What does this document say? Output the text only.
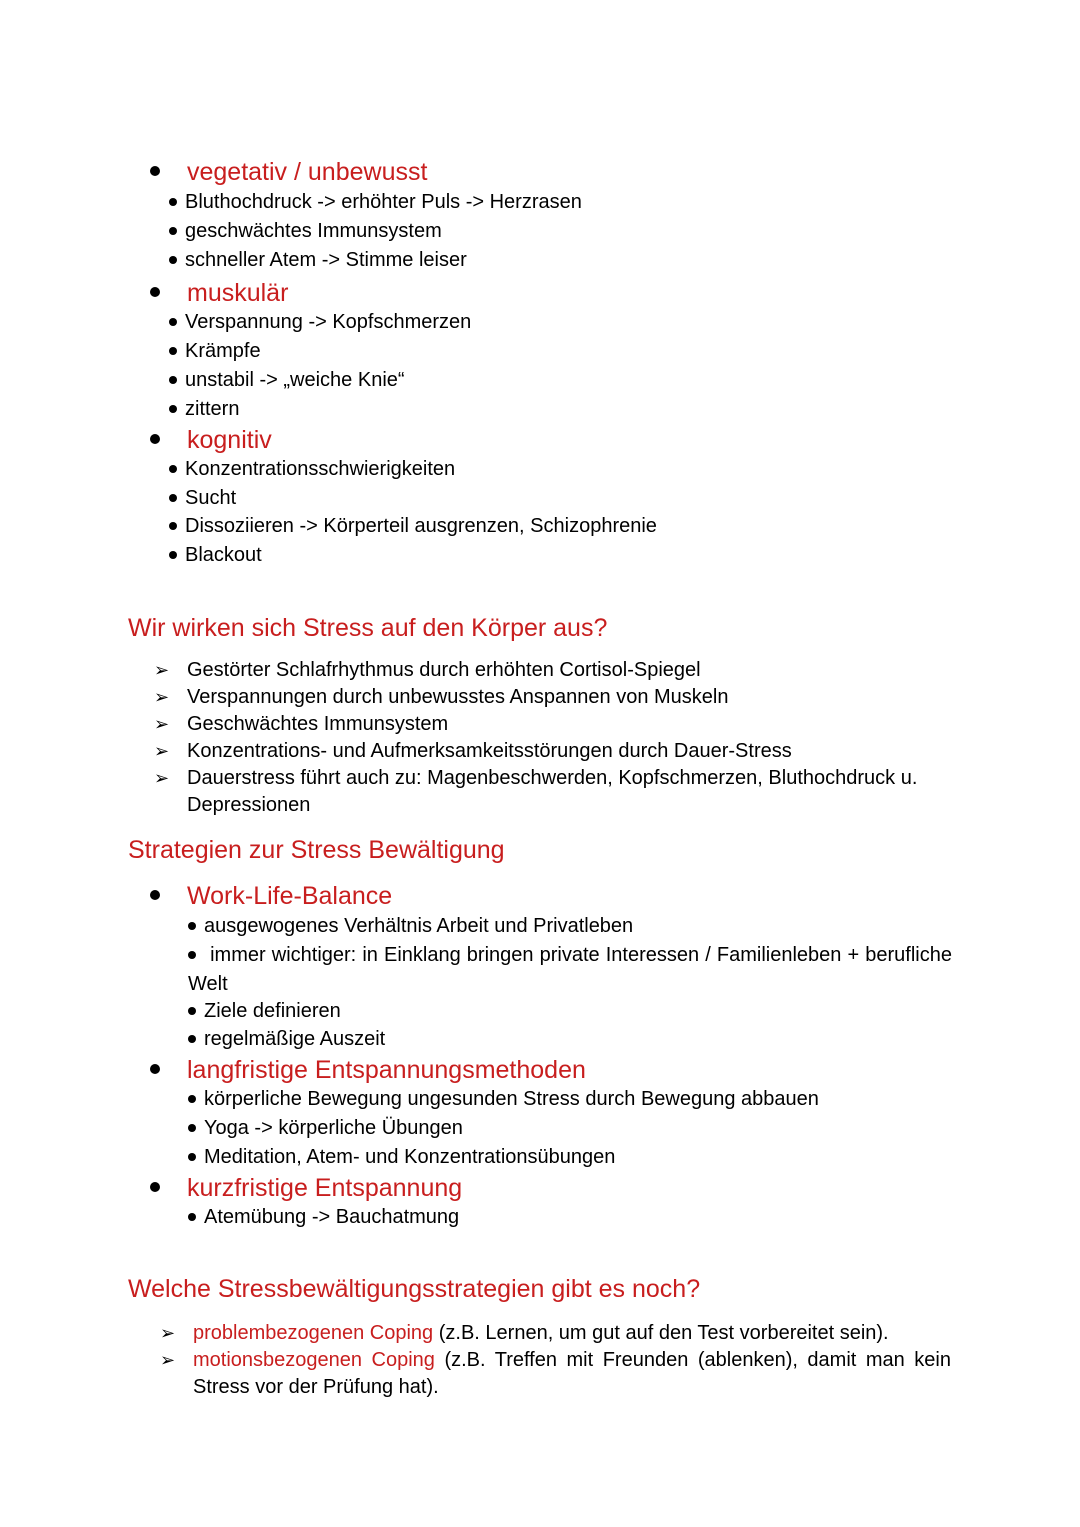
vegetativ / unbewusst
Bluthochdruck -> erhöhter Puls -> Herzrasen
geschwächtes Immunsystem
schneller Atem -> Stimme leiser
muskulär
Verspannung -> Kopfschmerzen
Krämpfe
unstabil -> „weiche Knie“
zittern
kognitiv
Konzentrationsschwierigkeiten
Sucht
Dissoziieren -> Körperteil ausgrenzen, Schizophrenie
Blackout
Wir wirken sich Stress auf den Körper aus?
➢ Gestörter Schlafrhythmus durch erhöhten Cortisol-Spiegel
➢ Verspannungen durch unbewusstes Anspannen von Muskeln
➢ Geschwächtes Immunsystem
➢ Konzentrations- und Aufmerksamkeitsstörungen durch Dauer-Stress
➢ Dauerstress führt auch zu: Magenbeschwerden, Kopfschmerzen, Bluthochdruck u. Depressionen
Strategien zur Stress Bewältigung
Work-Life-Balance
ausgewogenes Verhältnis Arbeit und Privatleben
immer wichtiger: in Einklang bringen private Interessen / Familienleben + berufliche Welt
Ziele definieren
regelmäßige Auszeit
langfristige Entspannungsmethoden
körperliche Bewegung ungesunden Stress durch Bewegung abbauen
Yoga -> körperliche Übungen
Meditation, Atem- und Konzentrationsübungen
kurzfristige Entspannung
Atemübung -> Bauchatmung
Welche Stressbewältigungsstrategien gibt es noch?
➢ problembezogenen Coping (z.B. Lernen, um gut auf den Test vorbereitet sein).
➢ motionsbezogenen Coping (z.B. Treffen mit Freunden (ablenken), damit man kein Stress vor der Prüfung hat).
